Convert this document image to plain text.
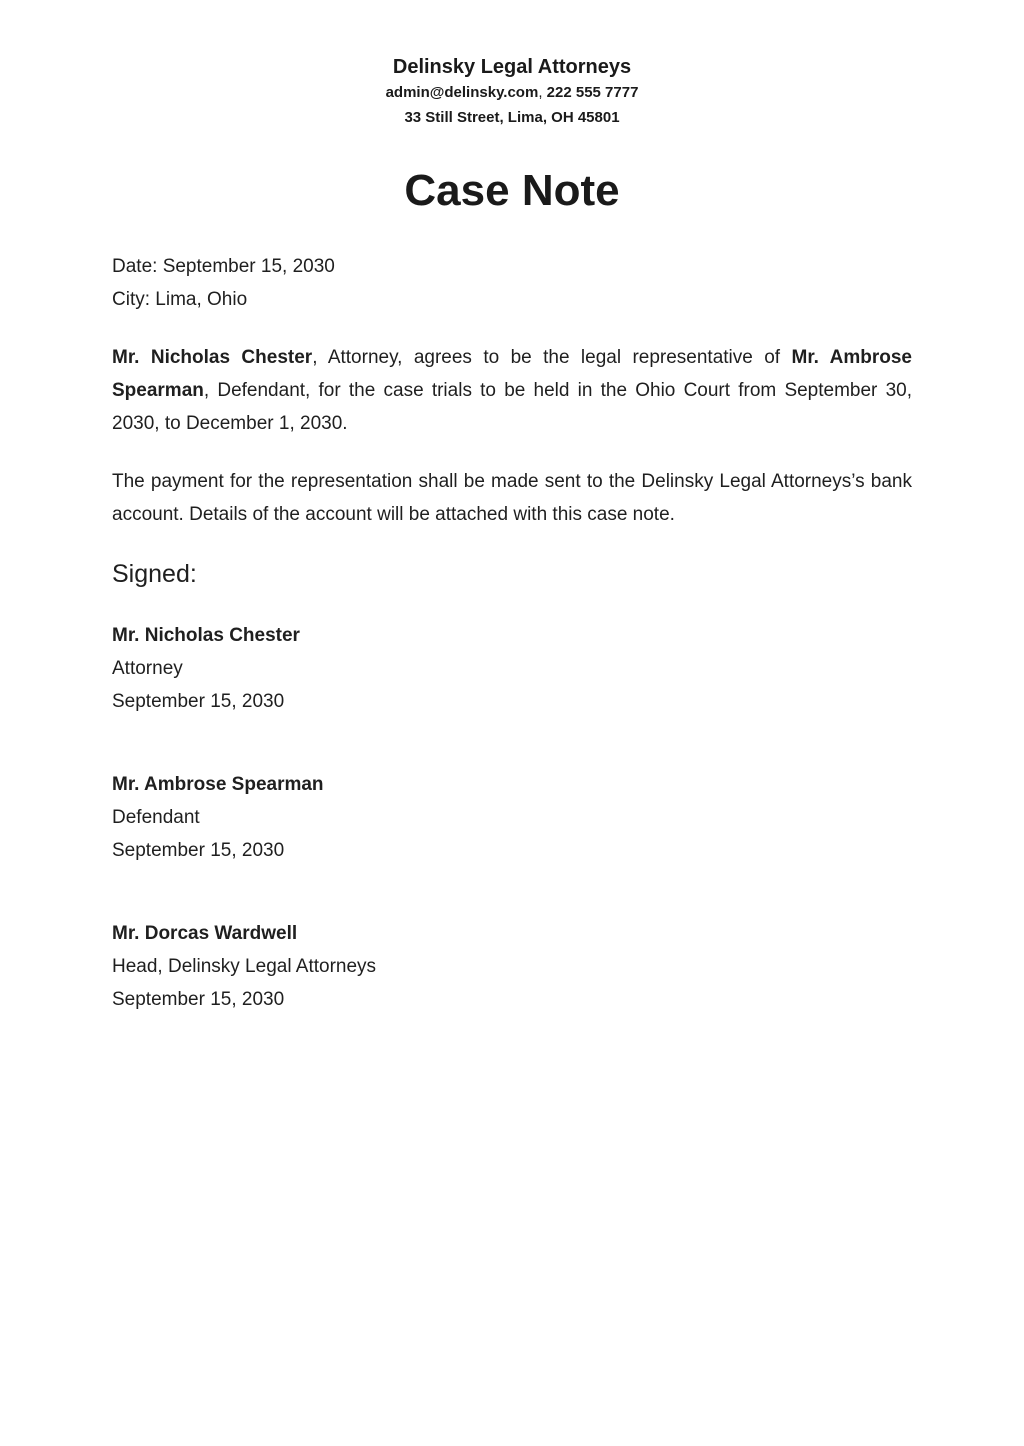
Delinsky Legal Attorneys
admin@delinsky.com, 222 555 7777
33 Still Street, Lima, OH 45801
Case Note
Date: September 15, 2030
City: Lima, Ohio

Mr. Nicholas Chester, Attorney, agrees to be the legal representative of Mr. Ambrose Spearman, Defendant, for the case trials to be held in the Ohio Court from September 30, 2030, to December 1, 2030.

The payment for the representation shall be made sent to the Delinsky Legal Attorneys’s bank account. Details of the account will be attached with this case note.

Signed:
Mr. Nicholas Chester
Attorney
September 15, 2030
Mr. Ambrose Spearman
Defendant
September 15, 2030
Mr. Dorcas Wardwell
Head, Delinsky Legal Attorneys
September 15, 2030
